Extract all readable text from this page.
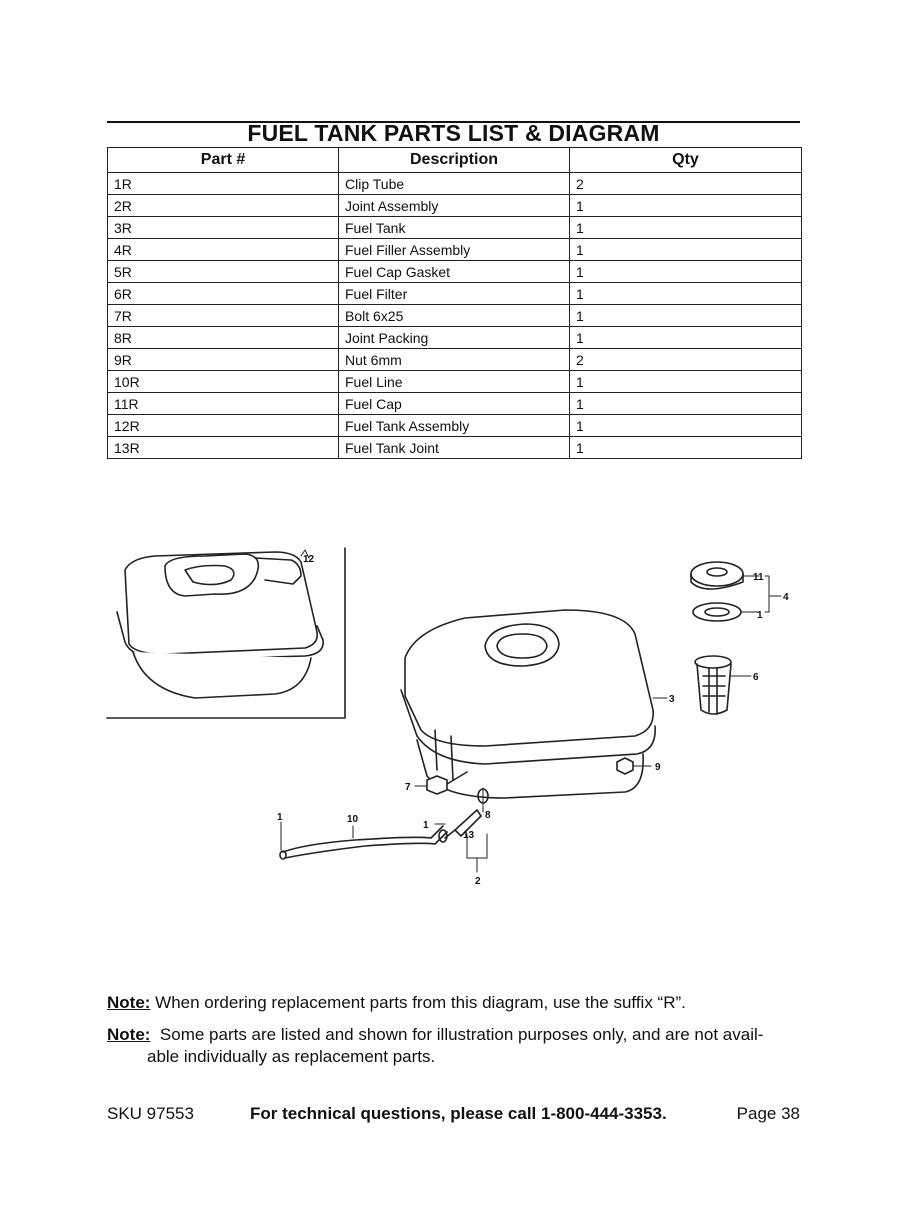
FUEL TANK PARTS LIST & DIAGRAM
Part #	Description	Qty
1R	Clip Tube	2
2R	Joint Assembly	1
3R	Fuel Tank	1
4R	Fuel Filler Assembly	1
5R	Fuel Cap Gasket	1
6R	Fuel Filter	1
7R	Bolt 6x25	1
8R	Joint Packing	1
9R	Nut 6mm	2
10R	Fuel Line	1
11R	Fuel Cap	1
12R	Fuel Tank Assembly	1
13R	Fuel Tank Joint	1
12
11
1
4
6
3
7
9
8
10
1
13
1
2
Note: When ordering replacement parts from this diagram, use the suffix “R”.
Note:  Some parts are listed and shown for illustration purposes only, and are not avail-
able individually as replacement parts.
SKU 97553	For technical questions, please call 1-800-444-3353.	Page 38
